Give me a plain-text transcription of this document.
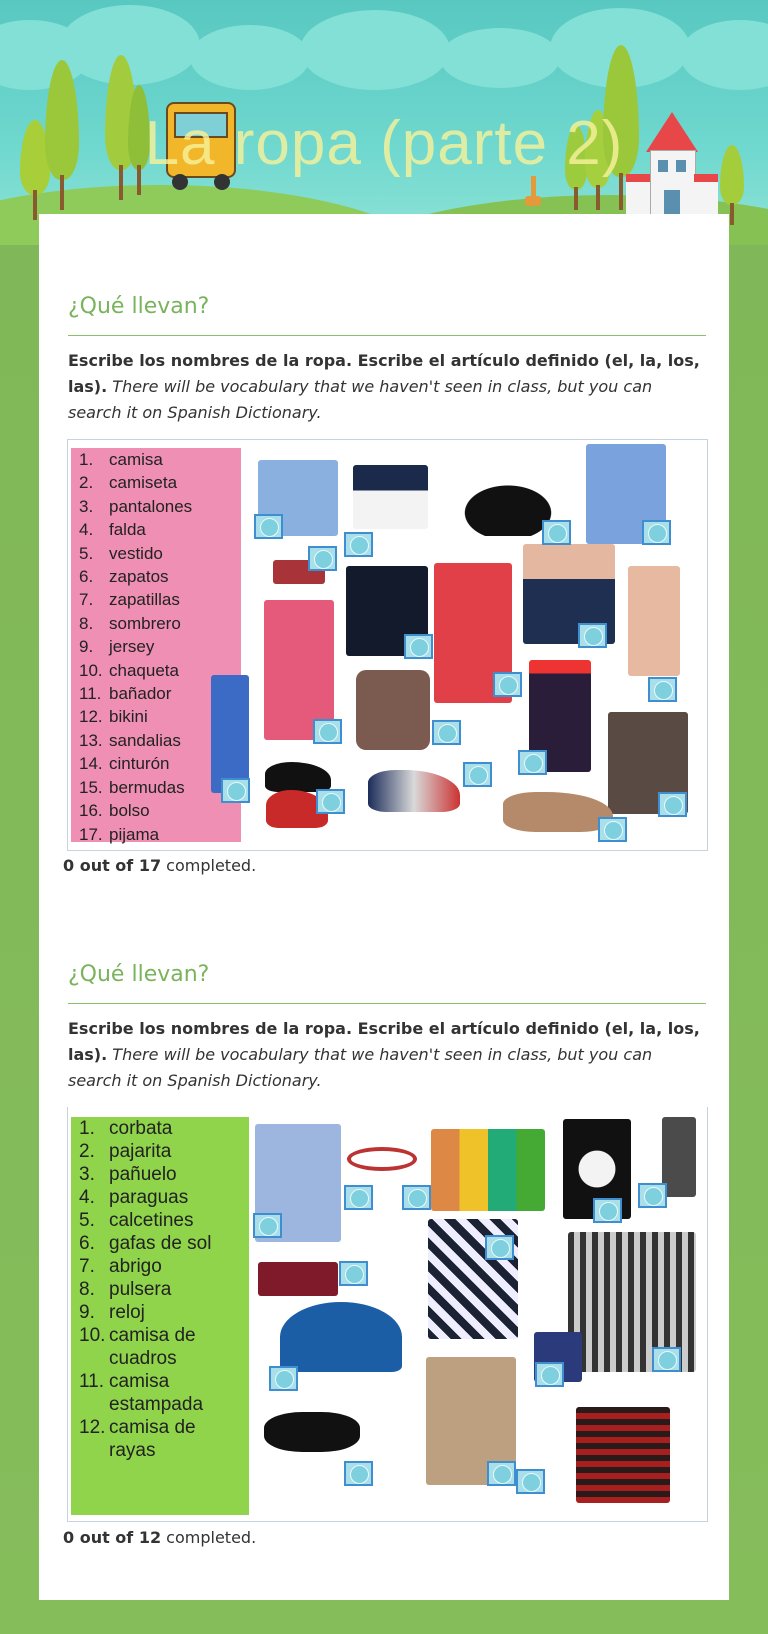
La ropa (parte 2)
¿Qué llevan?
Escribe los nombres de la ropa. Escribe el artículo definido (el, la, los, las). There will be vocabulary that we haven't seen in class, but you can search it on Spanish Dictionary.
1. camisa
2. camiseta
3. pantalones
4. falda
5. vestido
6. zapatos
7. zapatillas
8. sombrero
9. jersey
10. chaqueta
11. bañador
12. bikini
13. sandalias
14. cinturón
15. bermudas
16. bolso
17. pijama
0 out of 17 completed.
¿Qué llevan?
Escribe los nombres de la ropa. Escribe el artículo definido (el, la, los, las). There will be vocabulary that we haven't seen in class, but you can search it on Spanish Dictionary.
1. corbata
2. pajarita
3. pañuelo
4. paraguas
5. calcetines
6. gafas de sol
7. abrigo
8. pulsera
9. reloj
10. camisa de cuadros
11. camisa estampada
12. camisa de rayas
0 out of 12 completed.
